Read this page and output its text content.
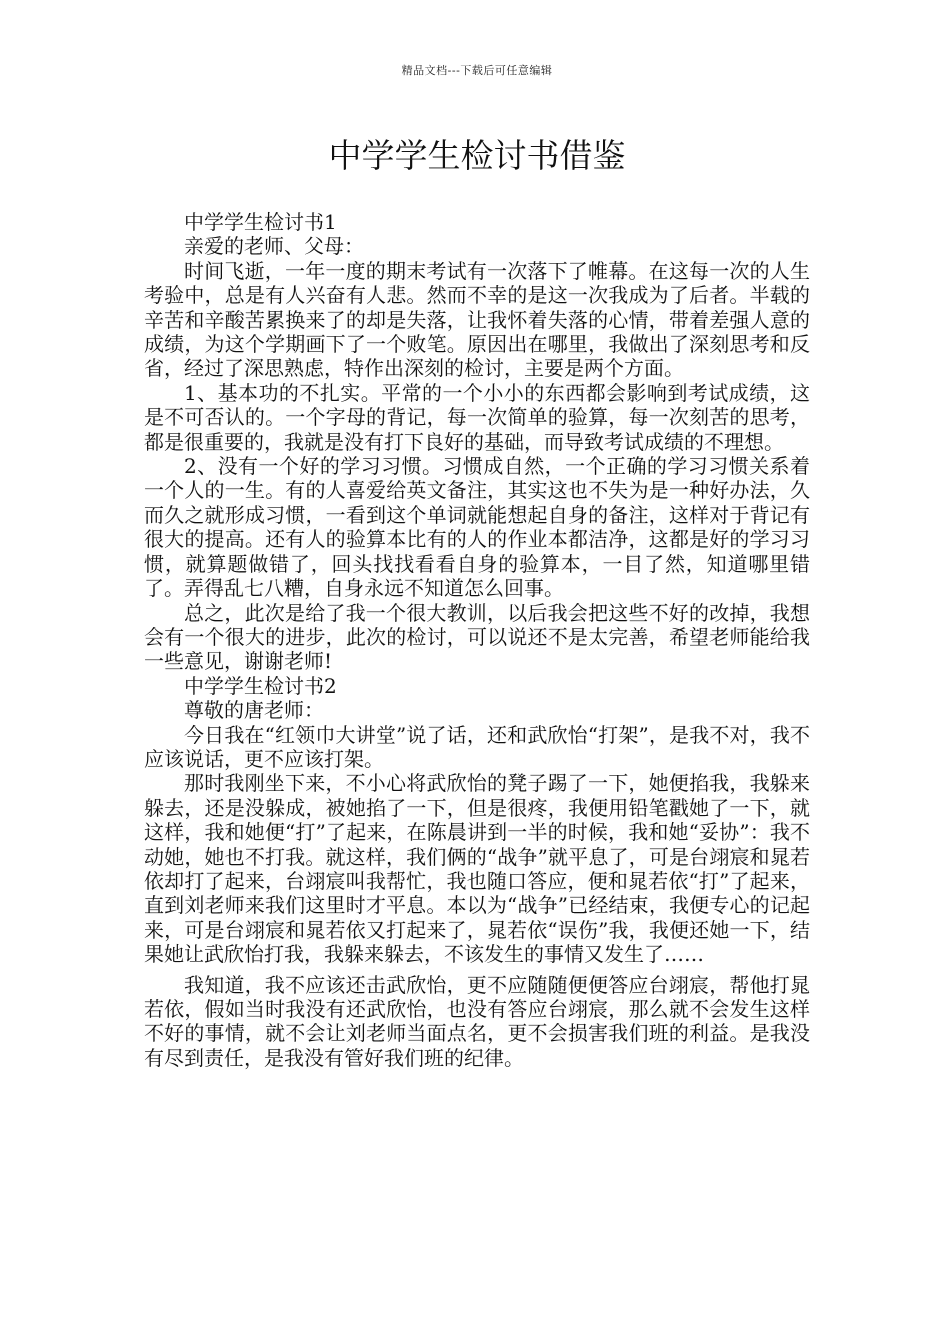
精品文档---下载后可任意编辑
中学学生检讨书借鉴

中学学生检讨书1

亲爱的老师、父母：

时间飞逝，一年一度的期末考试有一次落下了帷幕。在这每一次的人生考验中，总是有人兴奋有人悲。然而不幸的是这一次我成为了后者。半载的辛苦和辛酸苦累换来了的却是失落，让我怀着失落的心情，带着差强人意的成绩，为这个学期画下了一个败笔。原因出在哪里，我做出了深刻思考和反省，经过了深思熟虑，特作出深刻的检讨，主要是两个方面。

1、基本功的不扎实。平常的一个小小的东西都会影响到考试成绩，这是不可否认的。一个字母的背记，每一次简单的验算，每一次刻苦的思考，都是很重要的，我就是没有打下良好的基础，而导致考试成绩的不理想。

2、没有一个好的学习习惯。习惯成自然，一个正确的学习习惯关系着一个人的一生。有的人喜爱给英文备注，其实这也不失为是一种好办法，久而久之就形成习惯，一看到这个单词就能想起自身的备注，这样对于背记有很大的提高。还有人的验算本比有的人的作业本都洁净，这都是好的学习习惯，就算题做错了，回头找找看看自身的验算本，一目了然，知道哪里错了。弄得乱七八糟，自身永远不知道怎么回事。

总之，此次是给了我一个很大教训，以后我会把这些不好的改掉，我想会有一个很大的进步，此次的检讨，可以说还不是太完善，希望老师能给我一些意见，谢谢老师!

中学学生检讨书2

尊敬的唐老师：

今日我在“红领巾大讲堂”说了话，还和武欣怡“打架”，是我不对，我不应该说话，更不应该打架。

那时我刚坐下来，不小心将武欣怡的凳子踢了一下，她便掐我，我躲来躲去，还是没躲成，被她掐了一下，但是很疼，我便用铅笔戳她了一下，就这样，我和她便“打”了起来，在陈晨讲到一半的时候，我和她“妥协”：我不动她，她也不打我。就这样，我们俩的“战争”就平息了，可是台翊宸和晁若依却打了起来，台翊宸叫我帮忙，我也随口答应，便和晁若依“打”了起来，直到刘老师来我们这里时才平息。本以为“战争”已经结束，我便专心的记起来，可是台翊宸和晁若依又打起来了，晁若依“误伤”我，我便还她一下，结果她让武欣怡打我，我躲来躲去，不该发生的事情又发生了……

我知道，我不应该还击武欣怡，更不应随随便便答应台翊宸，帮他打晁若依，假如当时我没有还武欣怡，也没有答应台翊宸，那么就不会发生这样不好的事情，就不会让刘老师当面点名，更不会损害我们班的利益。是我没有尽到责任，是我没有管好我们班的纪律。
